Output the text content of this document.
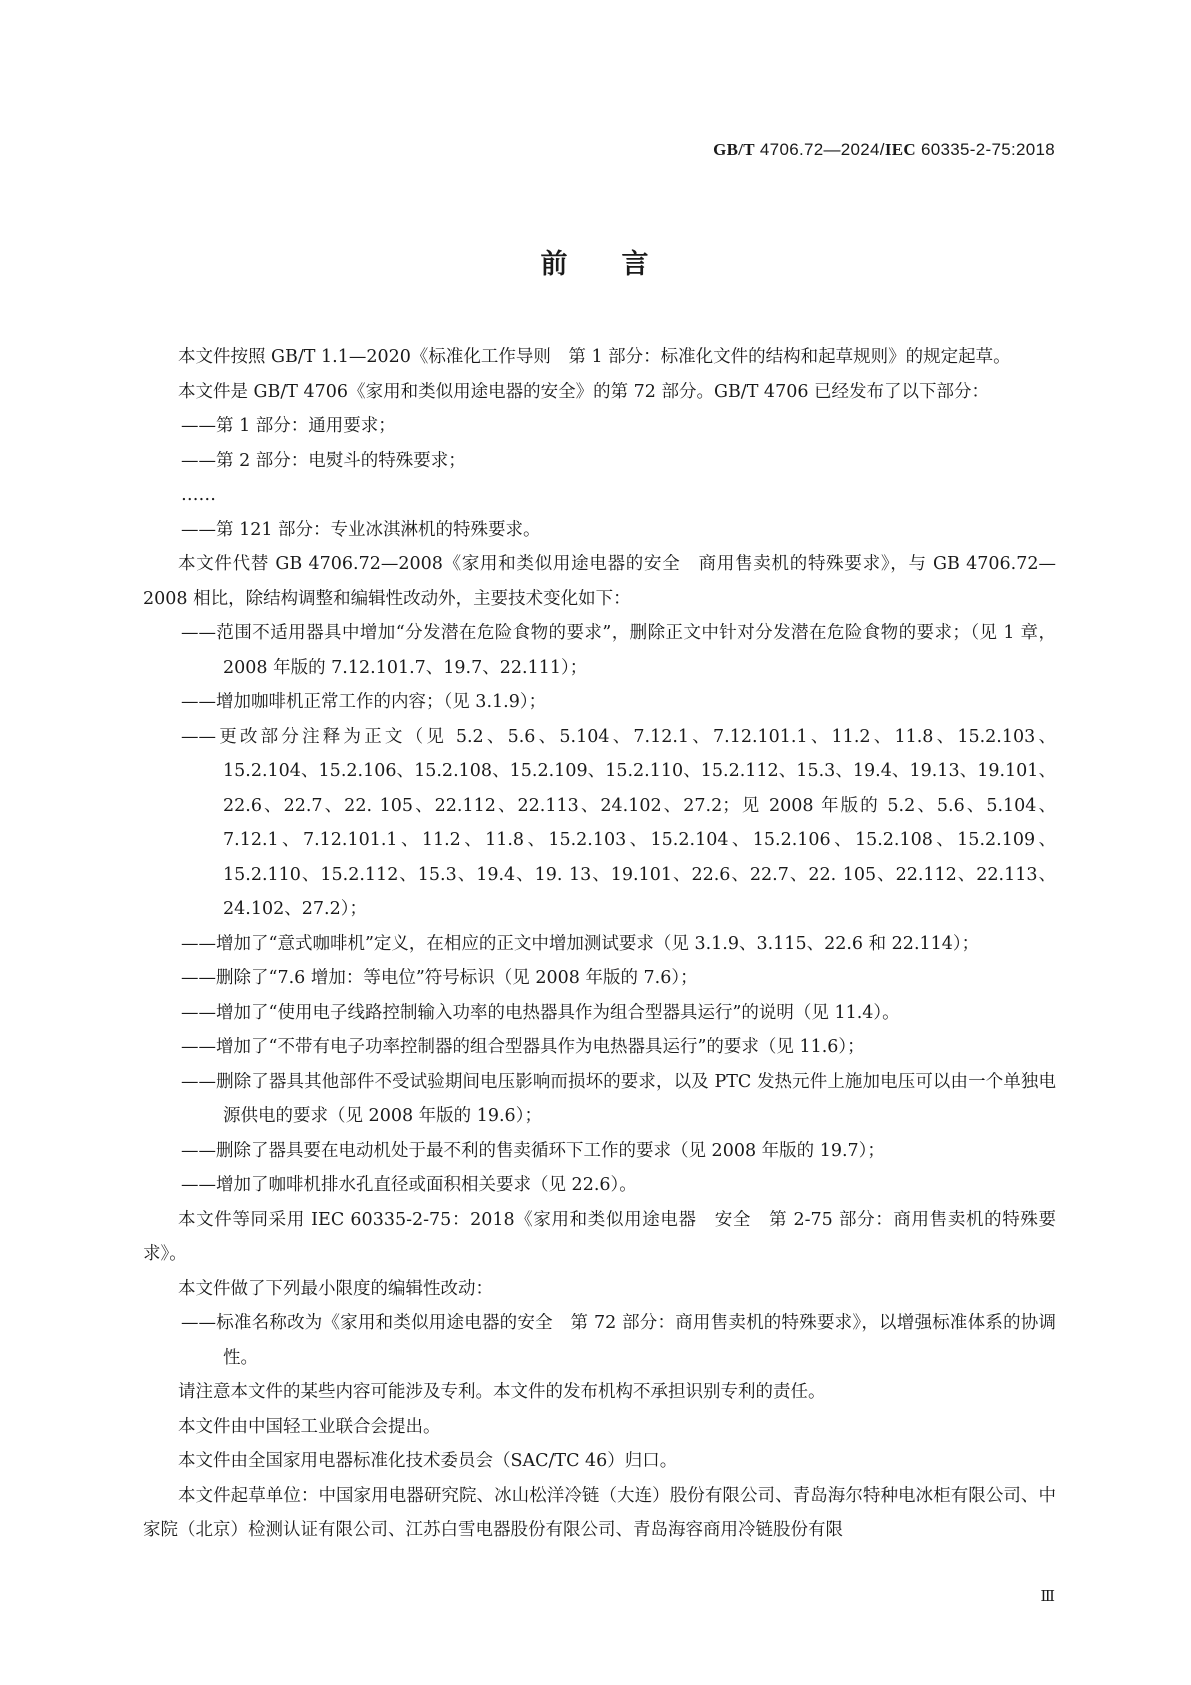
GB/T 4706.72—2024/IEC 60335-2-75:2018
前 言

本文件按照 GB/T 1.1—2020《标准化工作导则　第 1 部分：标准化文件的结构和起草规则》的规定起草。

本文件是 GB/T 4706《家用和类似用途电器的安全》的第 72 部分。GB/T 4706 已经发布了以下部分：

——第 1 部分：通用要求；

——第 2 部分：电熨斗的特殊要求；

……

——第 121 部分：专业冰淇淋机的特殊要求。

本文件代替 GB 4706.72—2008《家用和类似用途电器的安全　商用售卖机的特殊要求》，与 GB 4706.72—2008 相比，除结构调整和编辑性改动外，主要技术变化如下：

——范围不适用器具中增加“分发潜在危险食物的要求”，删除正文中针对分发潜在危险食物的要求；（见 1 章，2008 年版的 7.12.101.7、19.7、22.111）；

——增加咖啡机正常工作的内容；（见 3.1.9）；

——更改部分注释为正文（见 5.2、5.6、5.104、7.12.1、7.12.101.1、11.2、11.8、15.2.103、15.2.104、15.2.106、15.2.108、15.2.109、15.2.110、15.2.112、15.3、19.4、19.13、19.101、22.6、22.7、22. 105、22.112、22.113、24.102、27.2；见 2008 年版的 5.2、5.6、5.104、7.12.1、7.12.101.1、11.2、11.8、15.2.103、15.2.104、15.2.106、15.2.108、15.2.109、15.2.110、15.2.112、15.3、19.4、19. 13、19.101、22.6、22.7、22. 105、22.112、22.113、24.102、27.2）；

——增加了“意式咖啡机”定义，在相应的正文中增加测试要求（见 3.1.9、3.115、22.6 和 22.114）；

——删除了“7.6 增加：等电位”符号标识（见 2008 年版的 7.6）；

——增加了“使用电子线路控制输入功率的电热器具作为组合型器具运行”的说明（见 11.4）。

——增加了“不带有电子功率控制器的组合型器具作为电热器具运行”的要求（见 11.6）；

——删除了器具其他部件不受试验期间电压影响而损坏的要求，以及 PTC 发热元件上施加电压可以由一个单独电源供电的要求（见 2008 年版的 19.6）；

——删除了器具要在电动机处于最不利的售卖循环下工作的要求（见 2008 年版的 19.7）；

——增加了咖啡机排水孔直径或面积相关要求（见 22.6）。

本文件等同采用 IEC 60335-2-75：2018《家用和类似用途电器　安全　第 2-75 部分：商用售卖机的特殊要求》。

本文件做了下列最小限度的编辑性改动：

——标准名称改为《家用和类似用途电器的安全　第 72 部分：商用售卖机的特殊要求》，以增强标准体系的协调性。

请注意本文件的某些内容可能涉及专利。本文件的发布机构不承担识别专利的责任。

本文件由中国轻工业联合会提出。

本文件由全国家用电器标准化技术委员会（SAC/TC 46）归口。

本文件起草单位：中国家用电器研究院、冰山松洋冷链（大连）股份有限公司、青岛海尔特种电冰柜有限公司、中家院（北京）检测认证有限公司、江苏白雪电器股份有限公司、青岛海容商用冷链股份有限

Ⅲ
